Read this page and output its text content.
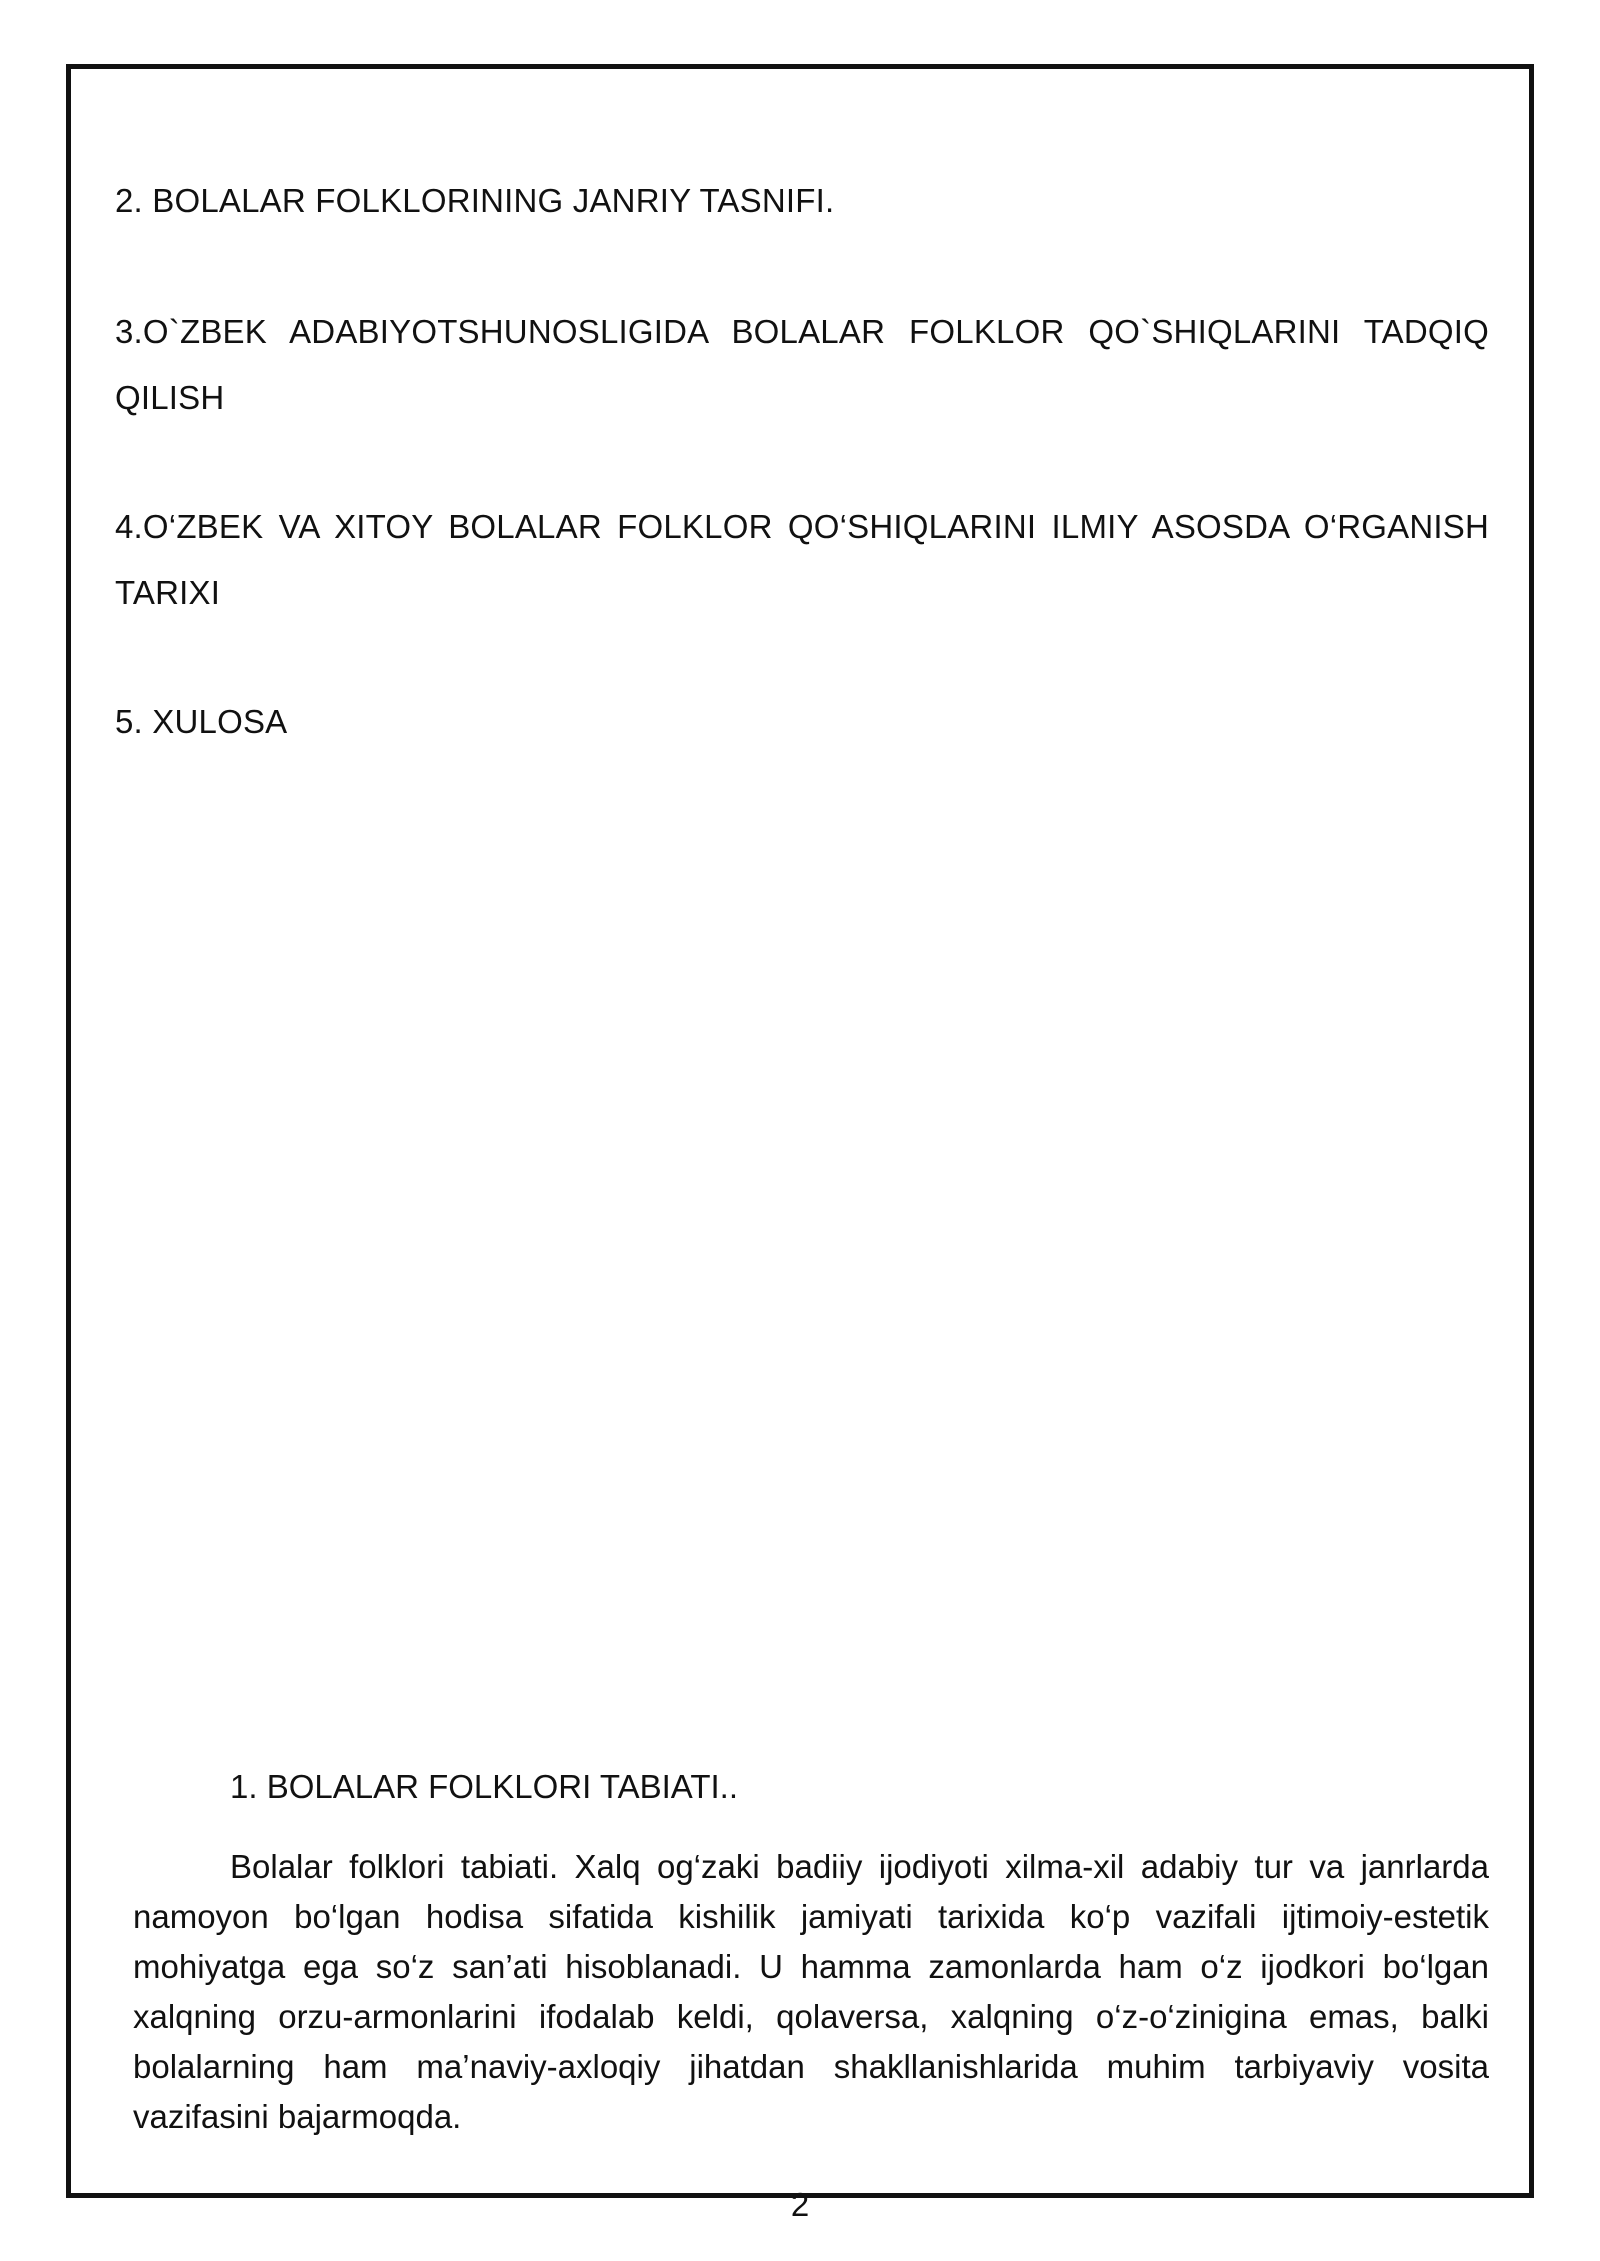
2. BOLALAR FOLKLORINING JANRIY TASNIFI.

3.O`ZBEK ADABIYOTSHUNOSLIGIDA BOLALAR FOLKLOR QO`SHIQLARINI TADQIQ QILISH

4.O‘ZBEK VA XITOY BOLALAR FOLKLOR QO‘SHIQLARINI ILMIY ASOSDA O‘RGANISH TARIXI

5. XULOSA

1. BOLALAR FOLKLORI TABIATI..

Bolalar folklori tabiati. Xalq og‘zaki badiiy ijodiyoti xilma-xil adabiy tur va janrlarda namoyon bo‘lgan hodisa sifatida kishilik jamiyati tarixida ko‘p vazifali ijtimoiy-estetik mohiyatga ega so‘z san’ati hisoblanadi. U hamma zamonlarda ham o‘z ijodkori bo‘lgan xalqning orzu-armonlarini ifodalab keldi, qolaversa, xalqning o‘z-o‘zinigina emas, balki bolalarning ham ma’naviy-axloqiy jihatdan shakllanishlarida muhim tarbiyaviy vosita vazifasini bajarmoqda.

2
